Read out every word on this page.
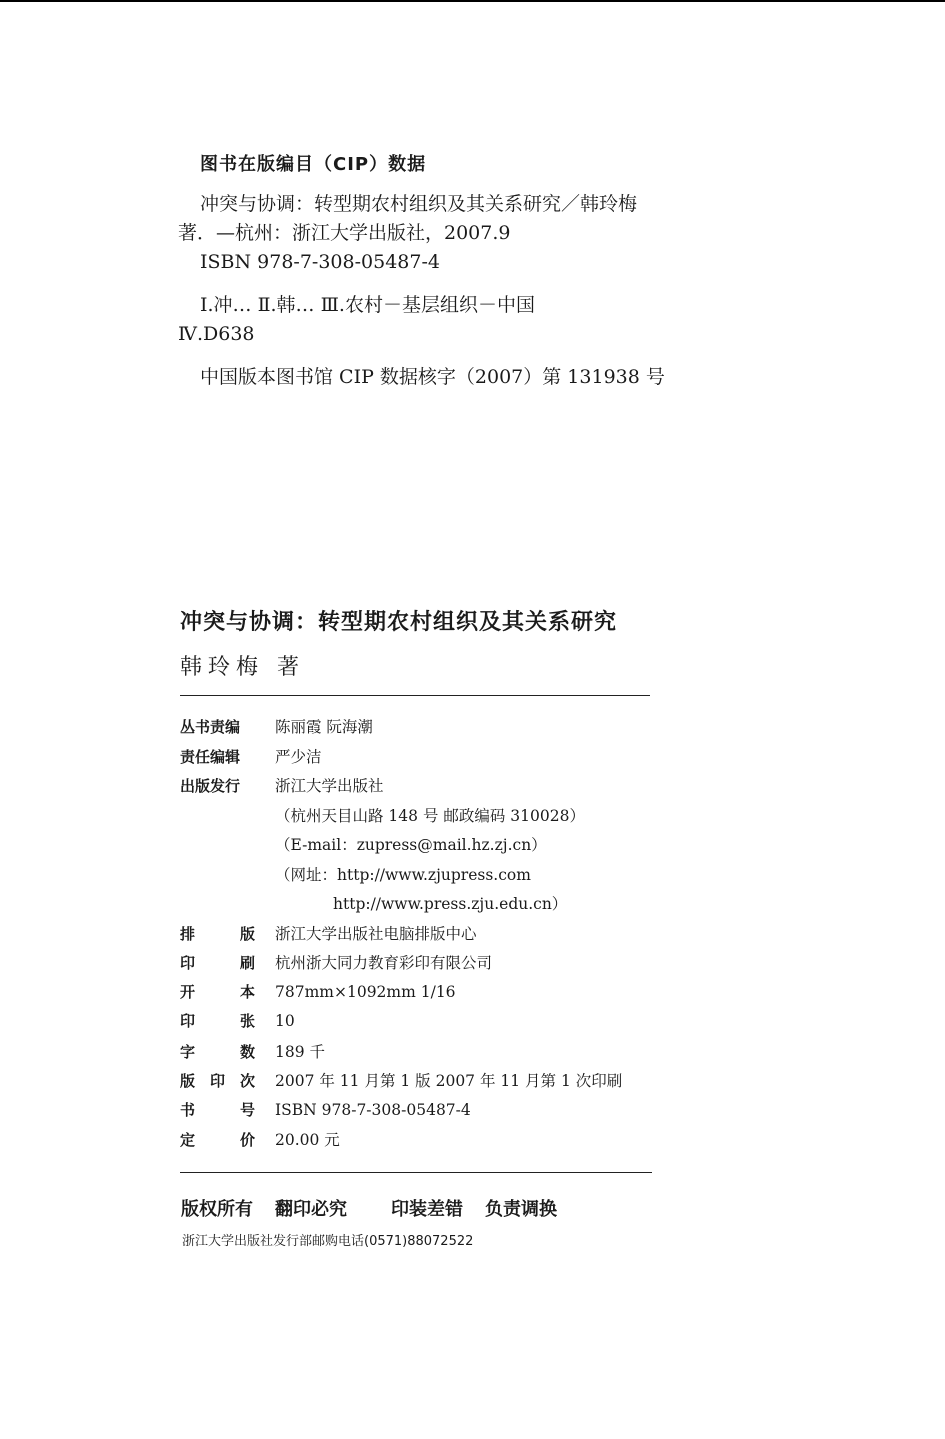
图书在版编目（CIP）数据
冲突与协调：转型期农村组织及其关系研究／韩玲梅
著．—杭州：浙江大学出版社，2007.9
ISBN 978-7-308-05487-4
Ⅰ.冲… Ⅱ.韩… Ⅲ.农村－基层组织－中国
Ⅳ.D638
中国版本图书馆 CIP 数据核字（2007）第 131938 号
冲突与协调：转型期农村组织及其关系研究
韩玲梅 著
丛书责编	陈丽霞 阮海潮
责任编辑	严少洁
出版发行	浙江大学出版社
（杭州天目山路 148 号 邮政编码 310028）
（E-mail：zupress@mail.hz.zj.cn）
（网址：http://www.zjupress.com
http://www.press.zju.edu.cn）
排	版 浙江大学出版社电脑排版中心
印	刷 杭州浙大同力教育彩印有限公司
开	本 787mm×1092mm 1/16
印	张 10
字	数 189 千
版 印 次 2007 年 11 月第 1 版 2007 年 11 月第 1 次印刷
书	号 ISBN 978-7-308-05487-4
定	价 20.00 元
版权所有 翻印必究 印装差错 负责调换
浙江大学出版社发行部邮购电话(0571)88072522
